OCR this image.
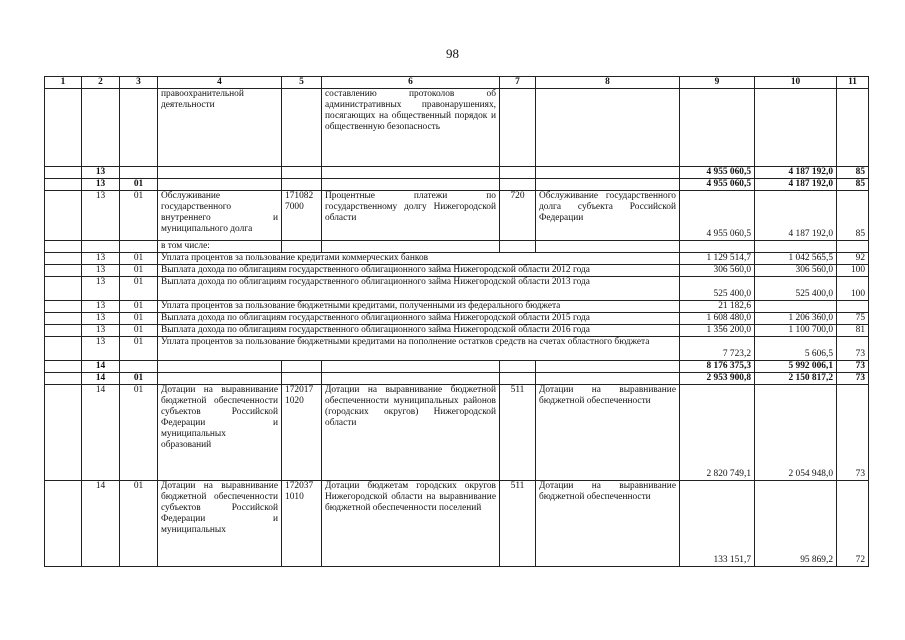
98
1	2	3	4	5	6	7	8	9	10	11
			правоохранительной деятельности		составлению протоколов об административных правонарушениях, посягающих на общественный порядок и общественную безопасность					
	13							4 955 060,5	4 187 192,0	85
	13	01						4 955 060,5	4 187 192,0	85
	13	01	Обслуживание государственного внутреннего и муниципального долга	171082 7000	Процентные платежи по государственному долгу Нижегородской области	720	Обслуживание государственного долга субъекта Российской Федерации	4 955 060,5	4 187 192,0	85
			в том числе:							
	13	01	Уплата процентов за пользование кредитами коммерческих банков					1 129 514,7	1 042 565,5	92
	13	01	Выплата дохода по облигациям государственного облигационного займа Нижегородской области 2012 года					306 560,0	306 560,0	100
	13	01	Выплата дохода по облигациям государственного облигационного займа Нижегородской области 2013 года					525 400,0	525 400,0	100
	13	01	Уплата процентов за пользование бюджетными кредитами, полученными из федерального бюджета					21 182,6		
	13	01	Выплата дохода по облигациям государственного облигационного займа Нижегородской области 2015 года					1 608 480,0	1 206 360,0	75
	13	01	Выплата дохода по облигациям государственного облигационного займа Нижегородской области 2016 года					1 356 200,0	1 100 700,0	81
	13	01	Уплата процентов за пользование бюджетными кредитами на пополнение остатков средств на счетах областного бюджета					7 723,2	5 606,5	73
	14							8 176 375,3	5 992 006,1	73
	14	01						2 953 900,8	2 150 817,2	73
	14	01	Дотации на выравнивание бюджетной обеспеченности субъектов Российской Федерации и муниципальных образований	172017 1020	Дотации на выравнивание бюджетной обеспеченности муниципальных районов (городских округов) Нижегородской области	511	Дотации на выравнивание бюджетной обеспеченности	2 820 749,1	2 054 948,0	73
	14	01	Дотации на выравнивание бюджетной обеспеченности субъектов Российской Федерации и муниципальных	172037 1010	Дотации бюджетам городских округов Нижегородской области на выравнивание бюджетной обеспеченности поселений	511	Дотации на выравнивание бюджетной обеспеченности	133 151,7	95 869,2	72
